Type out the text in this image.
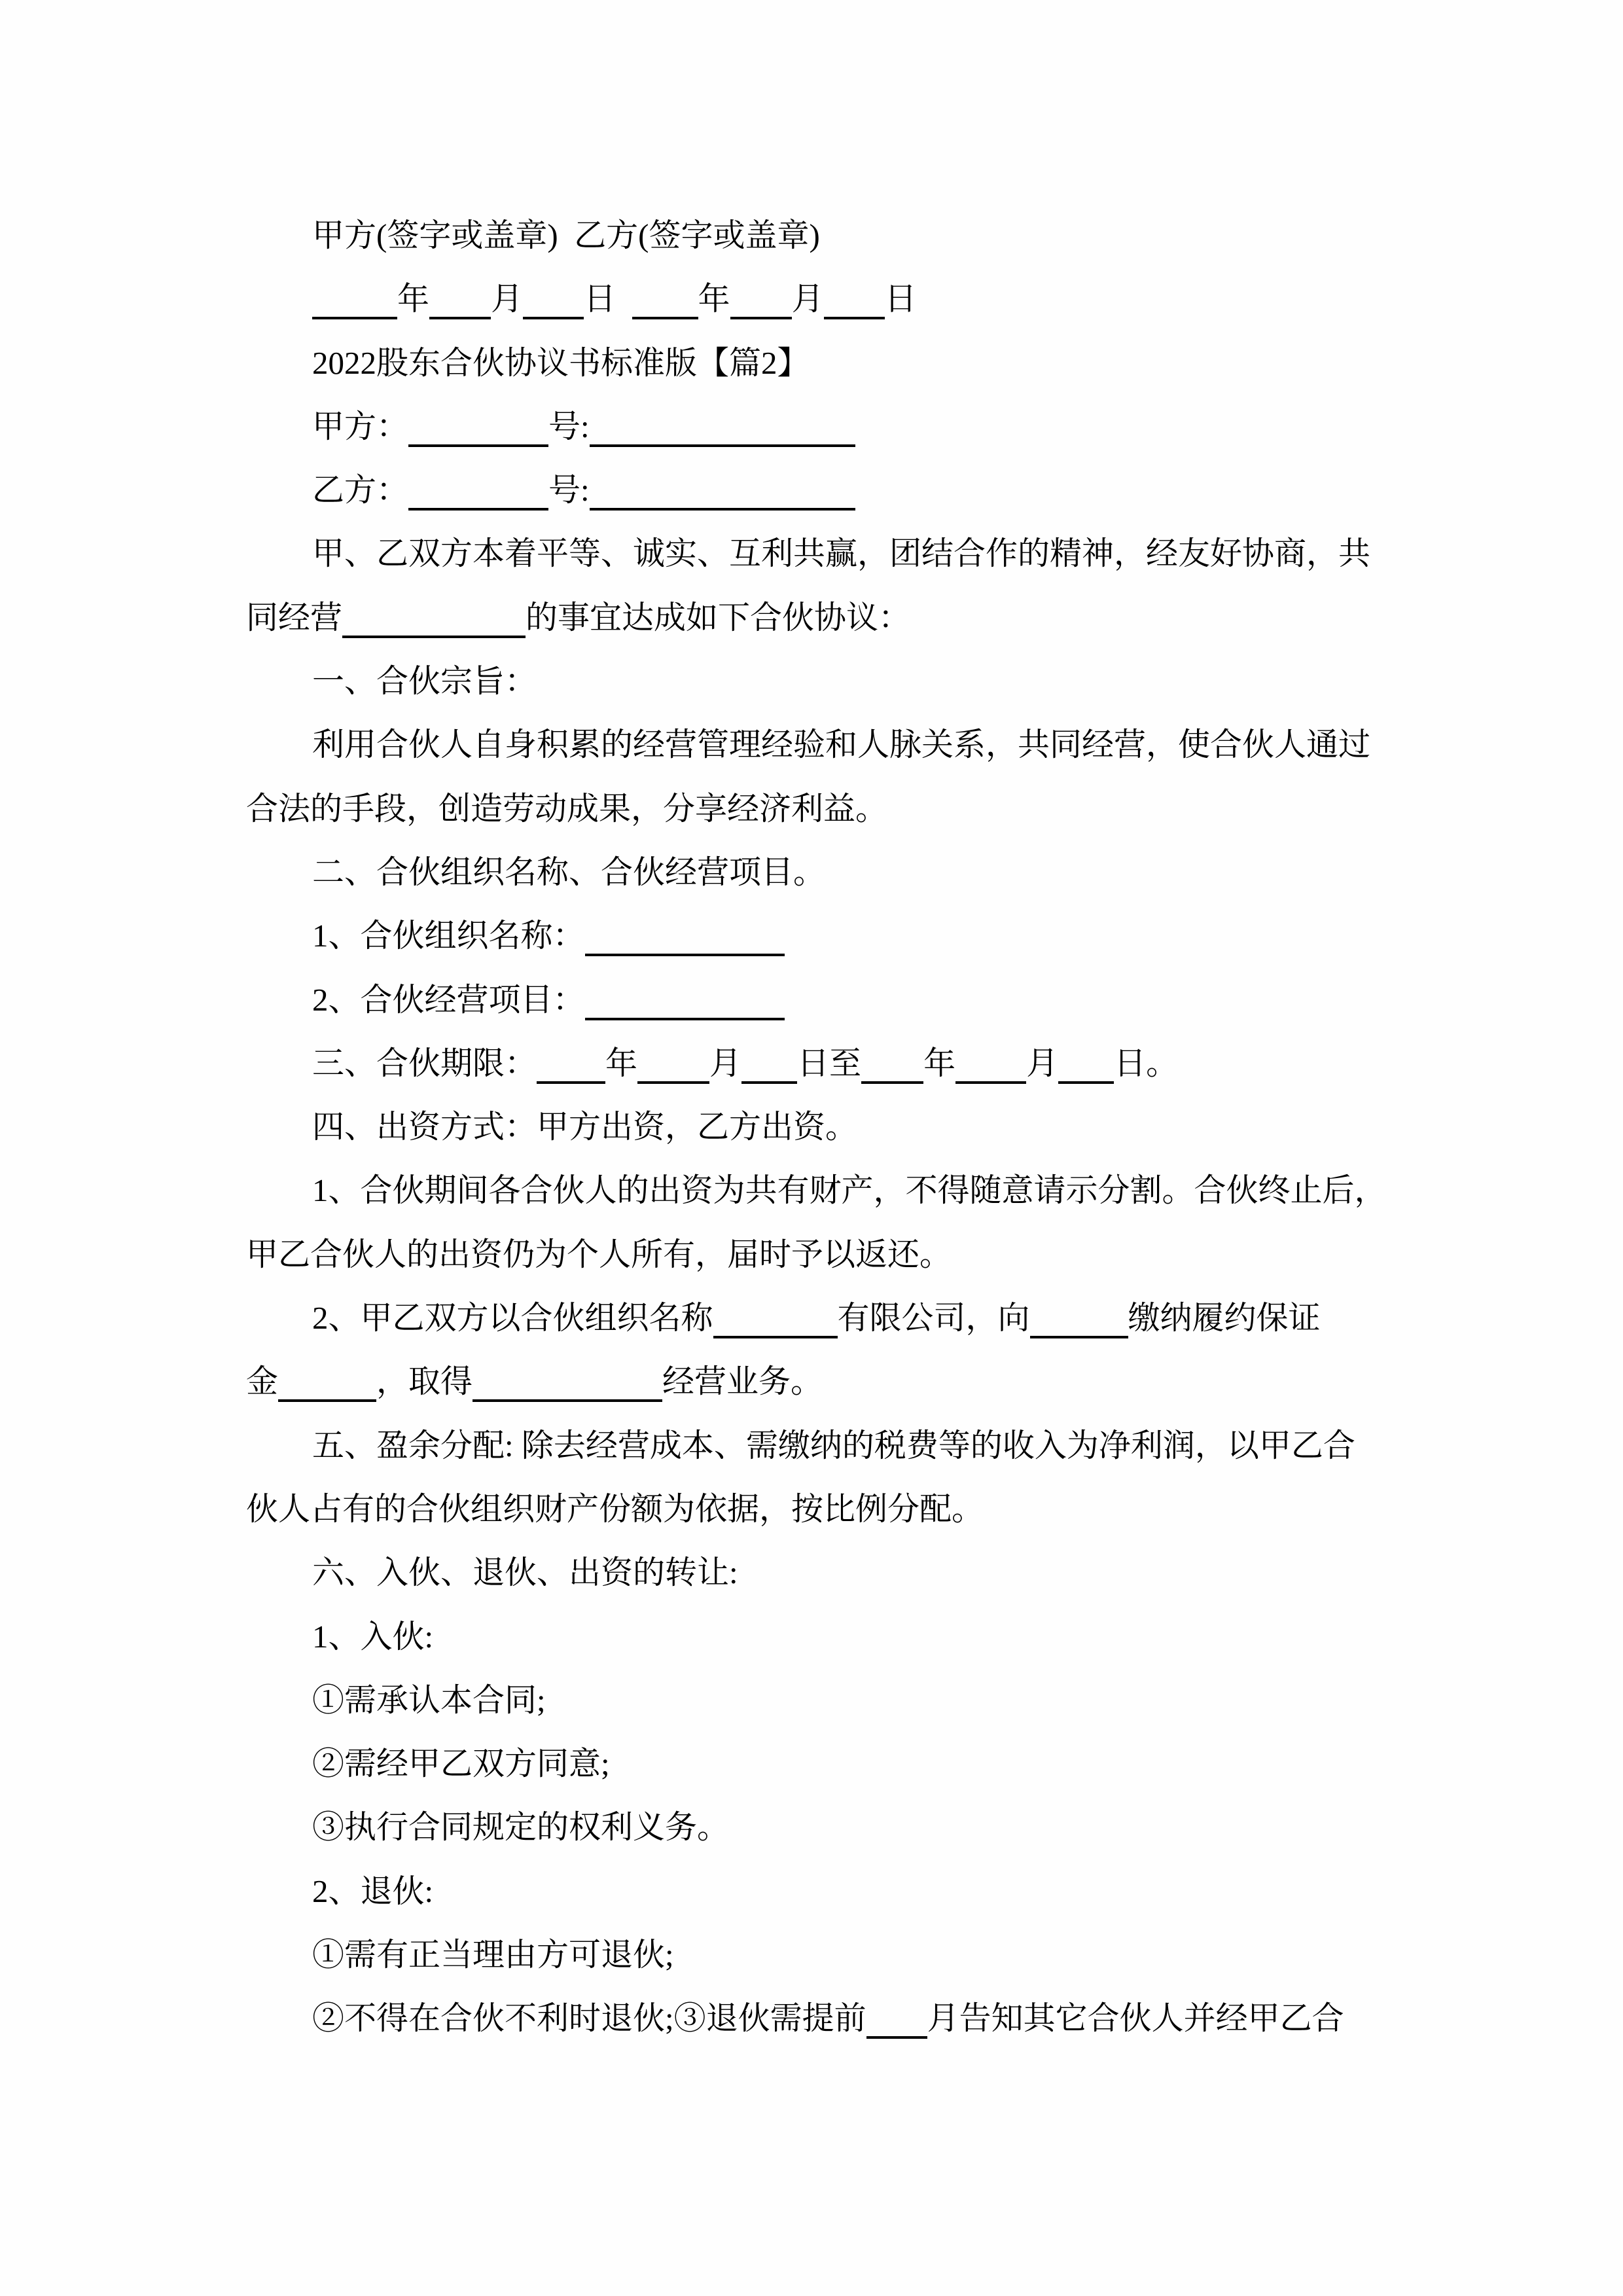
甲方(签字或盖章)  乙方(签字或盖章)
年 月 日	年 月 日
2022股东合伙协议书标准版【篇2】
甲方：	号:
乙方：	号:
甲、乙双方本着平等、诚实、互利共赢，团结合作的精神，经友好协商，共
同经营	的事宜达成如下合伙协议：
一、合伙宗旨：
利用合伙人自身积累的经营管理经验和人脉关系，共同经营，使合伙人通过
合法的手段，创造劳动成果，分享经济利益。
二、合伙组织名称、合伙经营项目。
1、合伙组织名称：
2、合伙经营项目：
三、合伙期限： 年 月 日至 年 月 日。
四、出资方式：甲方出资，乙方出资。
1、合伙期间各合伙人的出资为共有财产，不得随意请示分割。合伙终止后，
甲乙合伙人的出资仍为个人所有，届时予以返还。
2、甲乙双方以合伙组织名称	有限公司，向	缴纳履约保证
金	，取得	经营业务。
五、盈余分配: 除去经营成本、需缴纳的税费等的收入为净利润，以甲乙合
伙人占有的合伙组织财产份额为依据，按比例分配。
六、入伙、退伙、出资的转让:
1、入伙:
①需承认本合同;
②需经甲乙双方同意;
③执行合同规定的权利义务。
2、退伙:
①需有正当理由方可退伙;
②不得在合伙不利时退伙;③退伙需提前 月告知其它合伙人并经甲乙合
